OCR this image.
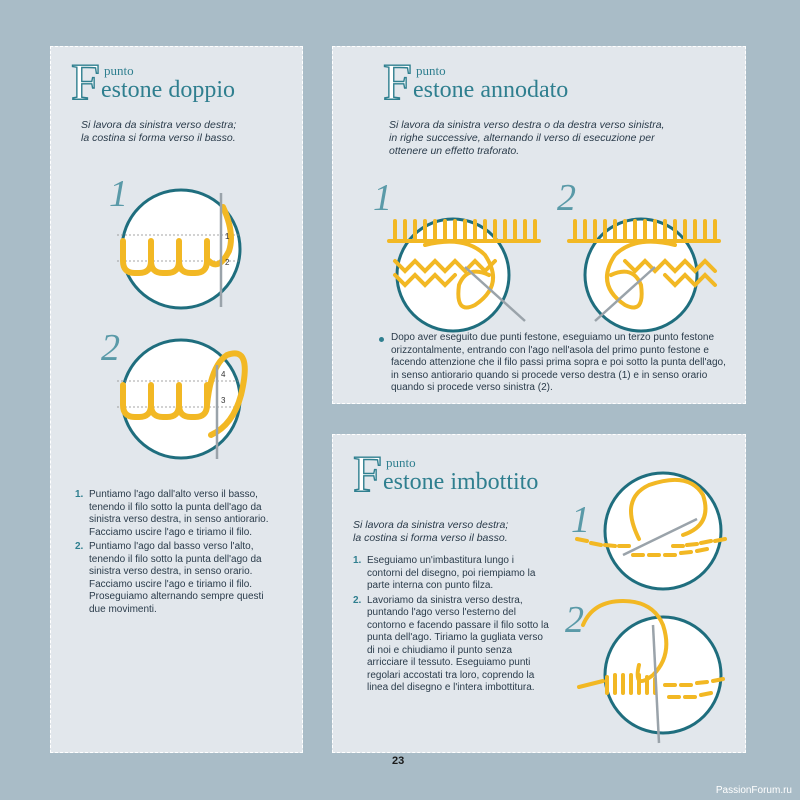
F punto
estone doppio
Si lavora da sinistra verso destra;
la costina si forma verso il basso.
1
1
2
2
4
3
1. Puntiamo l'ago dall'alto verso il basso, tenendo il filo sotto la punta dell'ago da sinistra verso destra, in senso antiorario. Facciamo uscire l'ago e tiriamo il filo.
2. Puntiamo l'ago dal basso verso l'alto, tenendo il filo sotto la punta dell'ago da sinistra verso destra, in senso orario. Facciamo uscire l'ago e tiriamo il filo. Proseguiamo alternando sempre questi due movimenti.
F punto
estone annodato
Si lavora da sinistra verso destra o da destra verso sinistra,
in righe successive, alternando il verso di esecuzione per
ottenere un effetto traforato.
1	2
Dopo aver eseguito due punti festone, eseguiamo un terzo punto festone orizzontalmente, entrando con l'ago nell'asola del primo punto festone e facendo attenzione che il filo passi prima sopra e poi sotto la punta dell'ago, in senso antiorario quando si procede verso destra (1) e in senso orario quando si procede verso sinistra (2).
F punto
estone imbottito
Si lavora da sinistra verso destra;
la costina si forma verso il basso.
1. Eseguiamo un'imbastitura lungo i contorni del disegno, poi riempiamo la parte interna con punto filza.
2. Lavoriamo da sinistra verso destra, puntando l'ago verso l'esterno del contorno e facendo passare il filo sotto la punta dell'ago. Tiriamo la gugliata verso di noi e chiudiamo il punto senza arricciare il tessuto. Eseguiamo punti regolari accostati tra loro, coprendo la linea del disegno e l'intera imbottitura.
1
2
23
PassionForum.ru
